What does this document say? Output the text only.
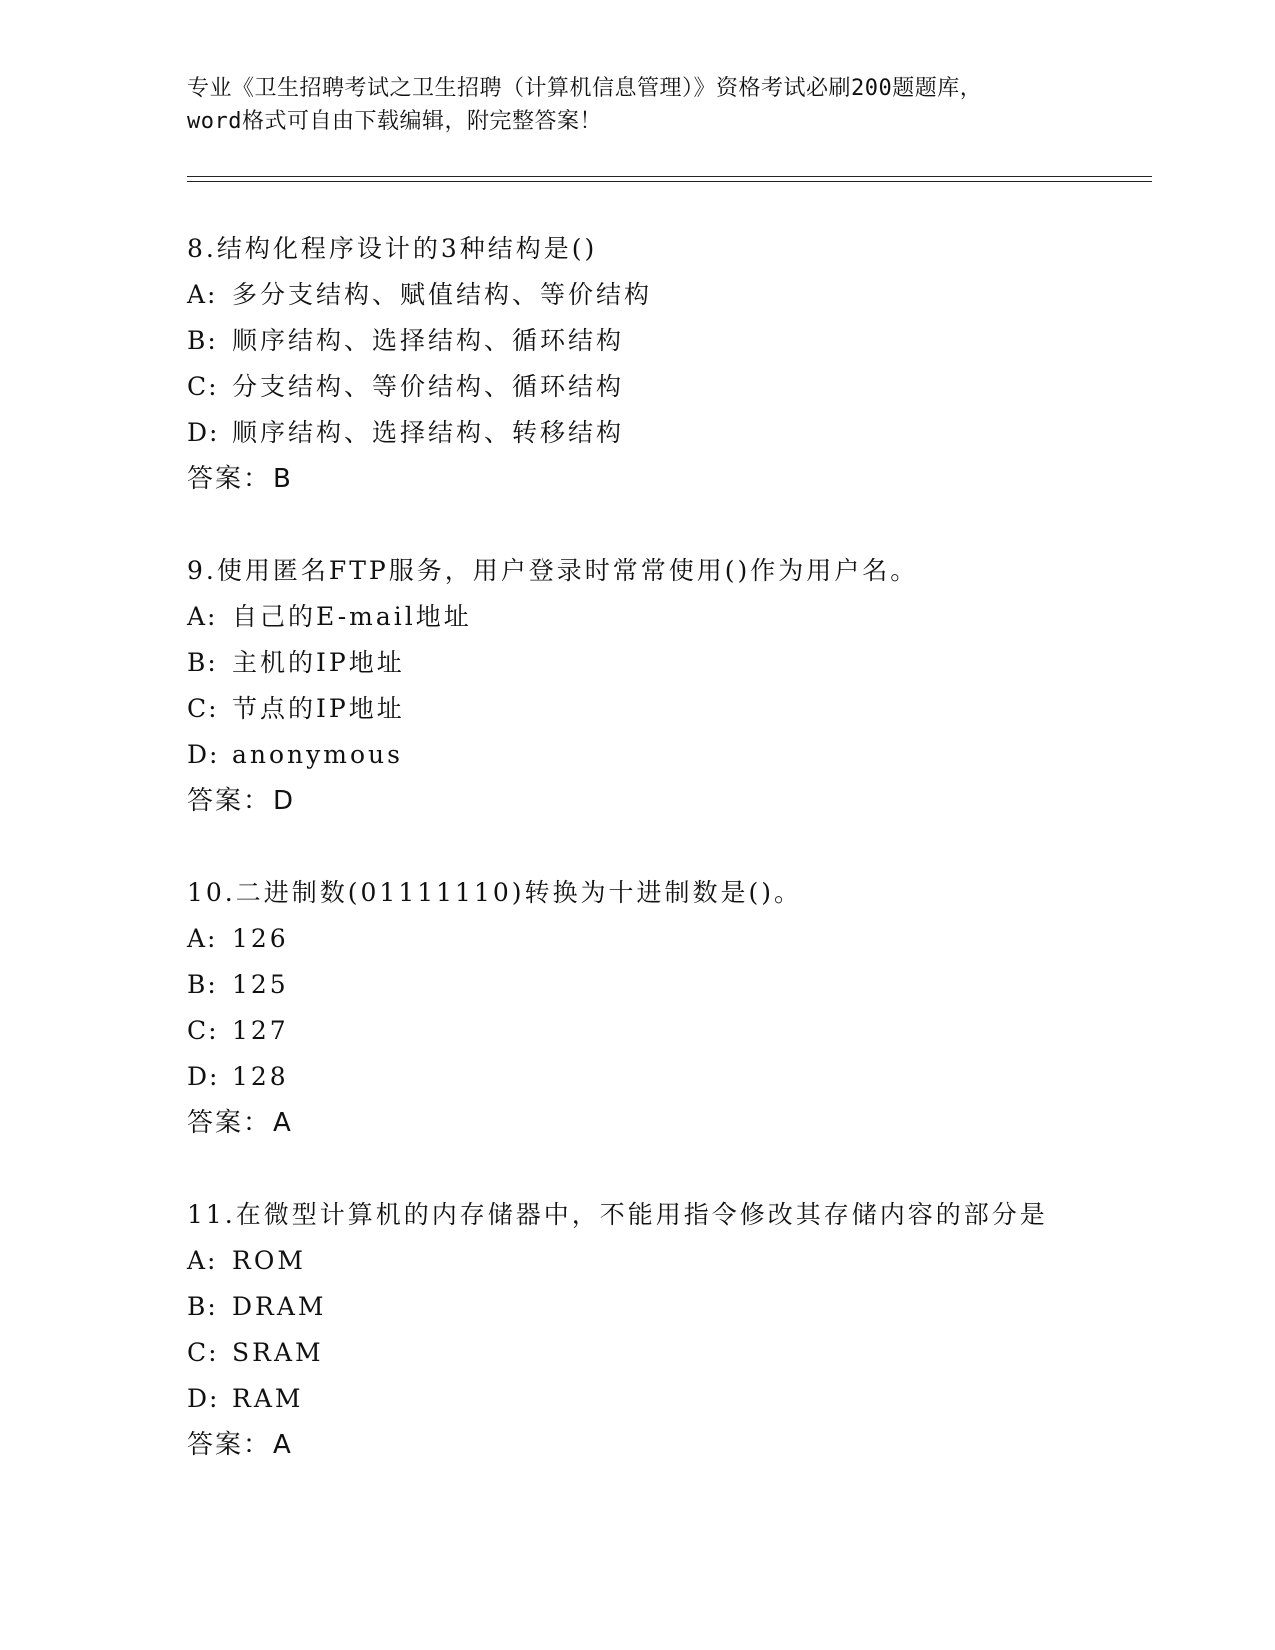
专业《卫生招聘考试之卫生招聘（计算机信息管理）》资格考试必刷200题题库，
word格式可自由下载编辑，附完整答案！
8.结构化程序设计的3种结构是()
A: 多分支结构、赋值结构、等价结构
B: 顺序结构、选择结构、循环结构
C: 分支结构、等价结构、循环结构
D: 顺序结构、选择结构、转移结构
答案：B
9.使用匿名FTP服务，用户登录时常常使用()作为用户名。
A: 自己的E-mail地址
B: 主机的IP地址
C: 节点的IP地址
D: anonymous
答案：D
10.二进制数(01111110)转换为十进制数是()。
A: 126
B: 125
C: 127
D: 128
答案：A
11.在微型计算机的内存储器中，不能用指令修改其存储内容的部分是
A: ROM
B: DRAM
C: SRAM
D: RAM
答案：A
